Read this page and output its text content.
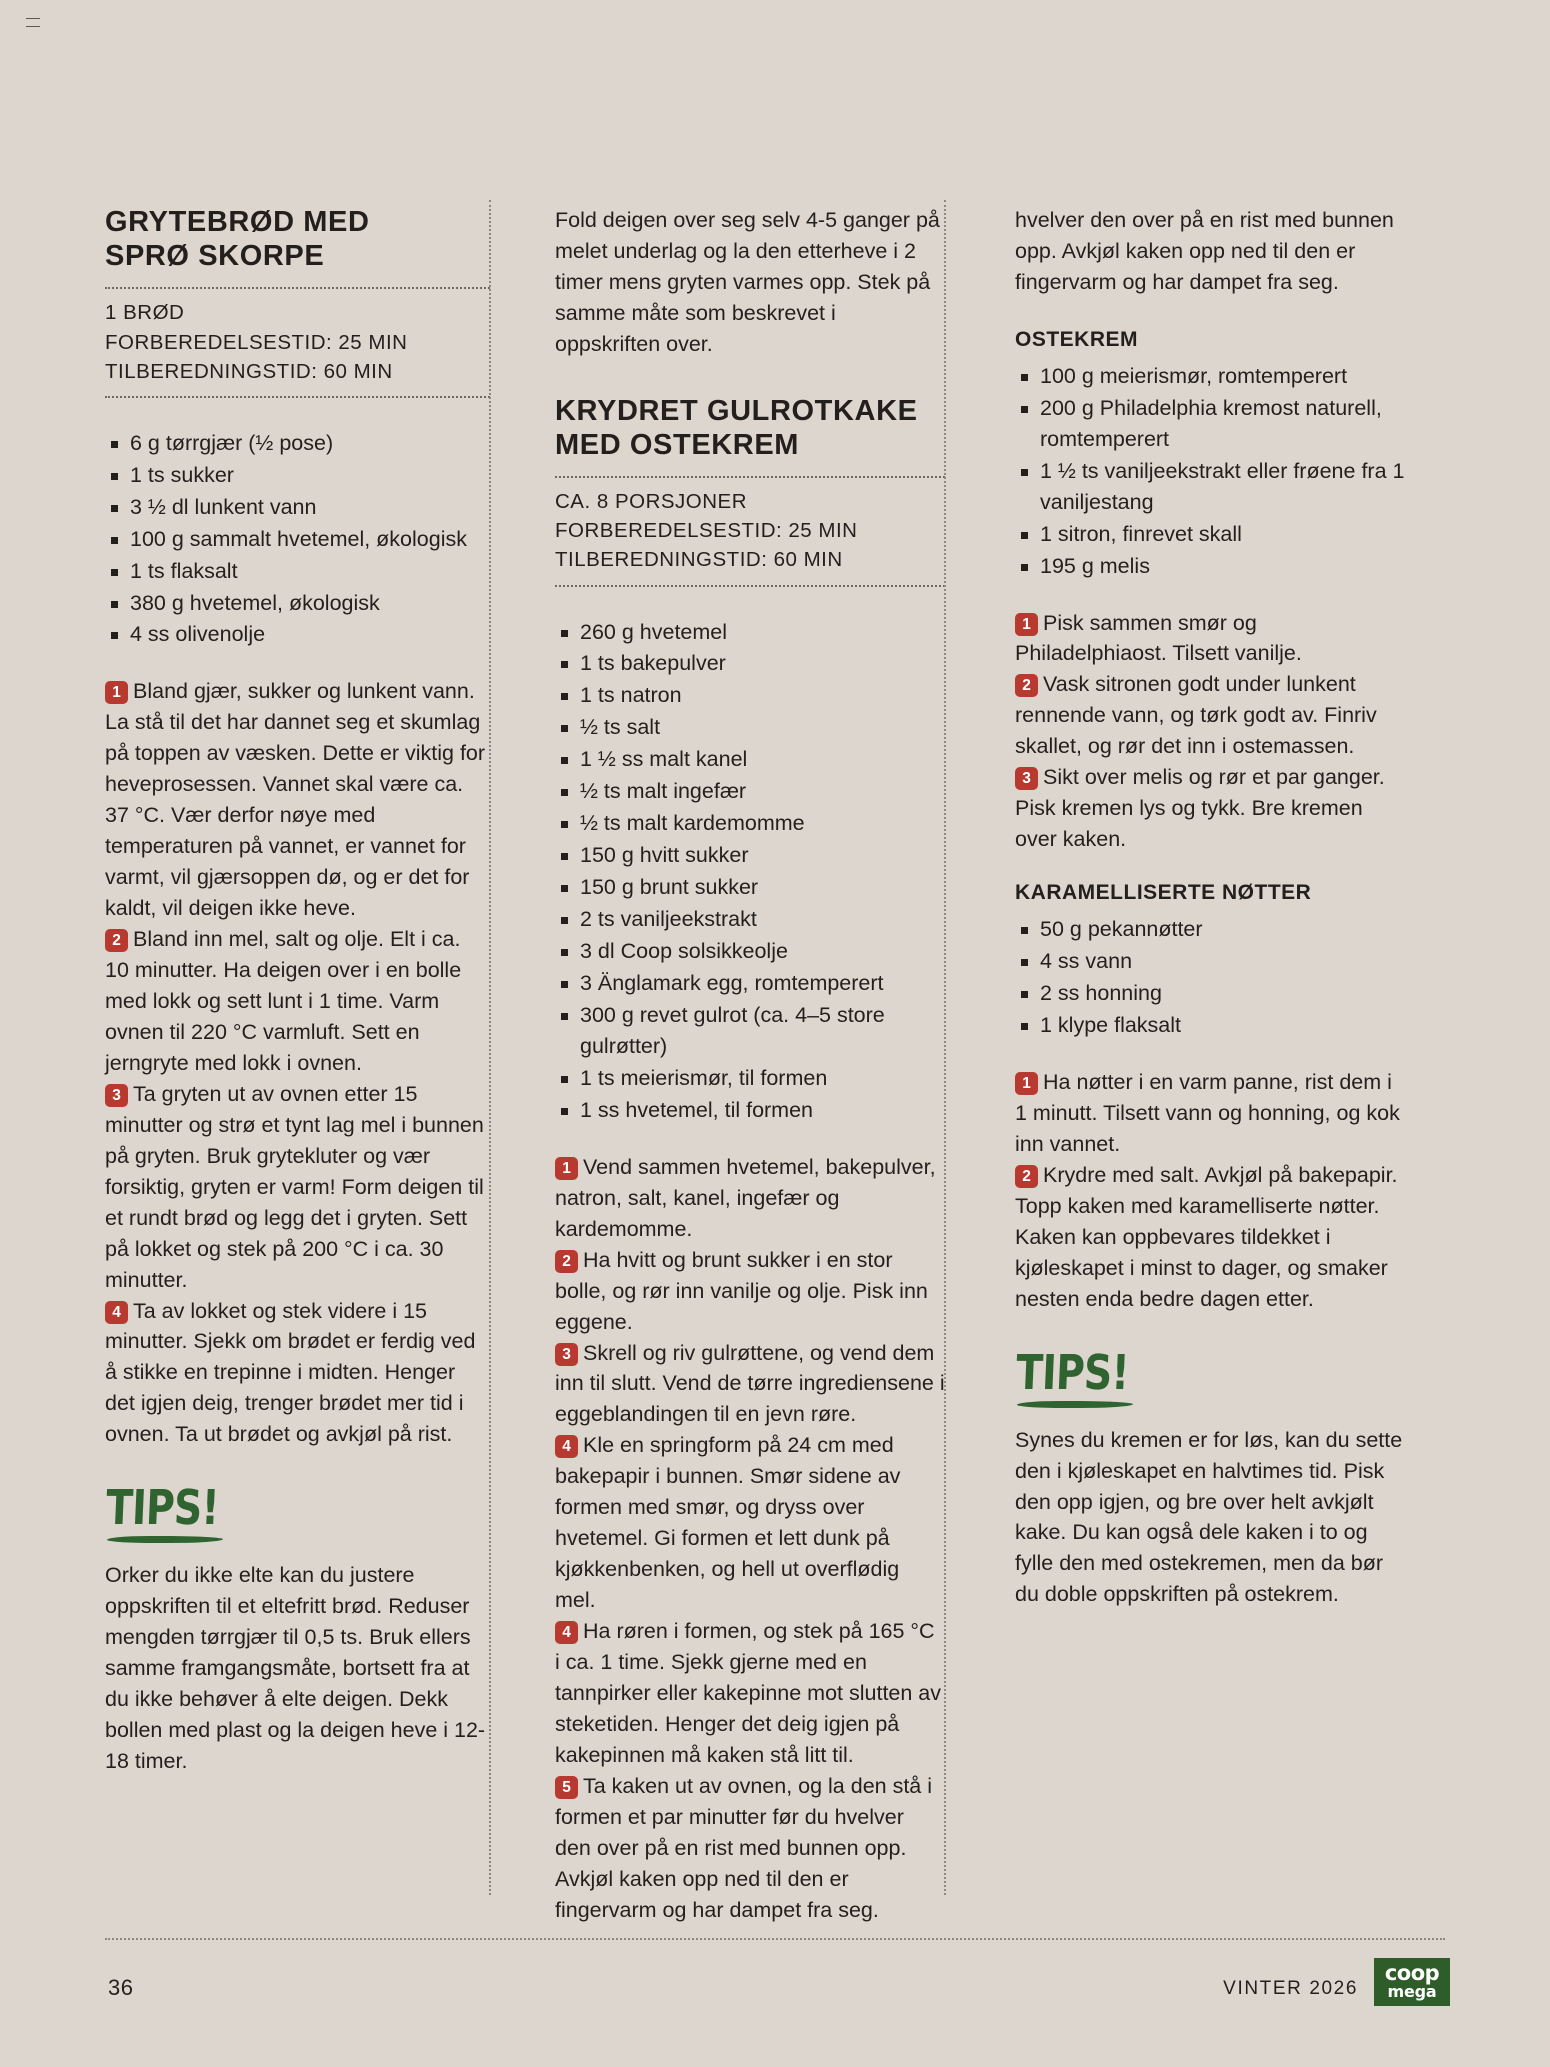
GRYTEBRØD MED
SPRØ SKORPE
1 BRØD
FORBEREDELSESTID: 25 MIN
TILBEREDNINGSTID: 60 MIN
6 g tørrgjær (½ pose)
1 ts sukker
3 ½ dl lunkent vann
100 g sammalt hvetemel, økologisk
1 ts flaksalt
380 g hvetemel, økologisk
4 ss olivenolje

1 Bland gjær, sukker og lunkent vann. La stå til det har dannet seg et skumlag på toppen av væsken. Dette er viktig for heveprosessen. Vannet skal være ca. 37 °C. Vær derfor nøye med temperaturen på vannet, er vannet for varmt, vil gjærsoppen dø, og er det for kaldt, vil deigen ikke heve.

2 Bland inn mel, salt og olje. Elt i ca. 10 minutter. Ha deigen over i en bolle med lokk og sett lunt i 1 time. Varm ovnen til 220 °C varmluft. Sett en jerngryte med lokk i ovnen.

3 Ta gryten ut av ovnen etter 15 minutter og strø et tynt lag mel i bunnen på gryten. Bruk grytekluter og vær forsiktig, gryten er varm! Form deigen til et rundt brød og legg det i gryten. Sett på lokket og stek på 200 °C i ca. 30 minutter.

4 Ta av lokket og stek videre i 15 minutter. Sjekk om brødet er ferdig ved å stikke en trepinne i midten. Henger det igjen deig, trenger brødet mer tid i ovnen. Ta ut brødet og avkjøl på rist.

TIPS!
Orker du ikke elte kan du justere oppskriften til et eltefritt brød. Reduser mengden tørrgjær til 0,5 ts. Bruk ellers samme framgangsmåte, bortsett fra at du ikke behøver å elte deigen. Dekk bollen med plast og la deigen heve i 12-18 timer.
Fold deigen over seg selv 4-5 ganger på melet underlag og la den etterheve i 2 timer mens gryten varmes opp. Stek på samme måte som beskrevet i oppskriften over.
KRYDRET GULROTKAKE
MED OSTEKREM
CA. 8 PORSJONER
FORBEREDELSESTID: 25 MIN
TILBEREDNINGSTID: 60 MIN
260 g hvetemel
1 ts bakepulver
1 ts natron
½ ts salt
1 ½ ss malt kanel
½ ts malt ingefær
½ ts malt kardemomme
150 g hvitt sukker
150 g brunt sukker
2 ts vaniljeekstrakt
3 dl Coop solsikkeolje
3 Änglamark egg, romtemperert
300 g revet gulrot (ca. 4–5 store gulrøtter)
1 ts meierismør, til formen
1 ss hvetemel, til formen

1 Vend sammen hvetemel, bakepulver, natron, salt, kanel, ingefær og kardemomme.

2 Ha hvitt og brunt sukker i en stor bolle, og rør inn vanilje og olje. Pisk inn eggene.

3 Skrell og riv gulrøttene, og vend dem inn til slutt. Vend de tørre ingrediensene i eggeblandingen til en jevn røre.

4 Kle en springform på 24 cm med bakepapir i bunnen. Smør sidene av formen med smør, og dryss over hvetemel. Gi formen et lett dunk på kjøkkenbenken, og hell ut overflødig mel.

4 Ha røren i formen, og stek på 165 °C i ca. 1 time. Sjekk gjerne med en tannpirker eller kakepinne mot slutten av steketiden. Henger det deig igjen på kakepinnen må kaken stå litt til.

5 Ta kaken ut av ovnen, og la den stå i formen et par minutter før du hvelver den over på en rist med bunnen opp. Avkjøl kaken opp ned til den er fingervarm og har dampet fra seg.

hvelver den over på en rist med bunnen opp. Avkjøl kaken opp ned til den er fingervarm og har dampet fra seg.

OSTEKREM
100 g meierismør, romtemperert
200 g Philadelphia kremost naturell, romtemperert
1 ½ ts vaniljeekstrakt eller frøene fra 1 vaniljestang
1 sitron, finrevet skall
195 g melis

1 Pisk sammen smør og Philadelphiaost. Tilsett vanilje.

2 Vask sitronen godt under lunkent rennende vann, og tørk godt av. Finriv skallet, og rør det inn i ostemassen.

3 Sikt over melis og rør et par ganger. Pisk kremen lys og tykk. Bre kremen over kaken.

KARAMELLISERTE NØTTER
50 g pekannøtter
4 ss vann
2 ss honning
1 klype flaksalt

1 Ha nøtter i en varm panne, rist dem i 1 minutt. Tilsett vann og honning, og kok inn vannet.

2 Krydre med salt. Avkjøl på bakepapir. Topp kaken med karamelliserte nøtter.

Kaken kan oppbevares tildekket i kjøleskapet i minst to dager, og smaker nesten enda bedre dagen etter.

TIPS!
Synes du kremen er for løs, kan du sette den i kjøleskapet en halvtimes tid. Pisk den opp igjen, og bre over helt avkjølt kake. Du kan også dele kaken i to og fylle den med ostekremen, men da bør du doble oppskriften på ostekrem.
36	VINTER 2026
coop
mega
